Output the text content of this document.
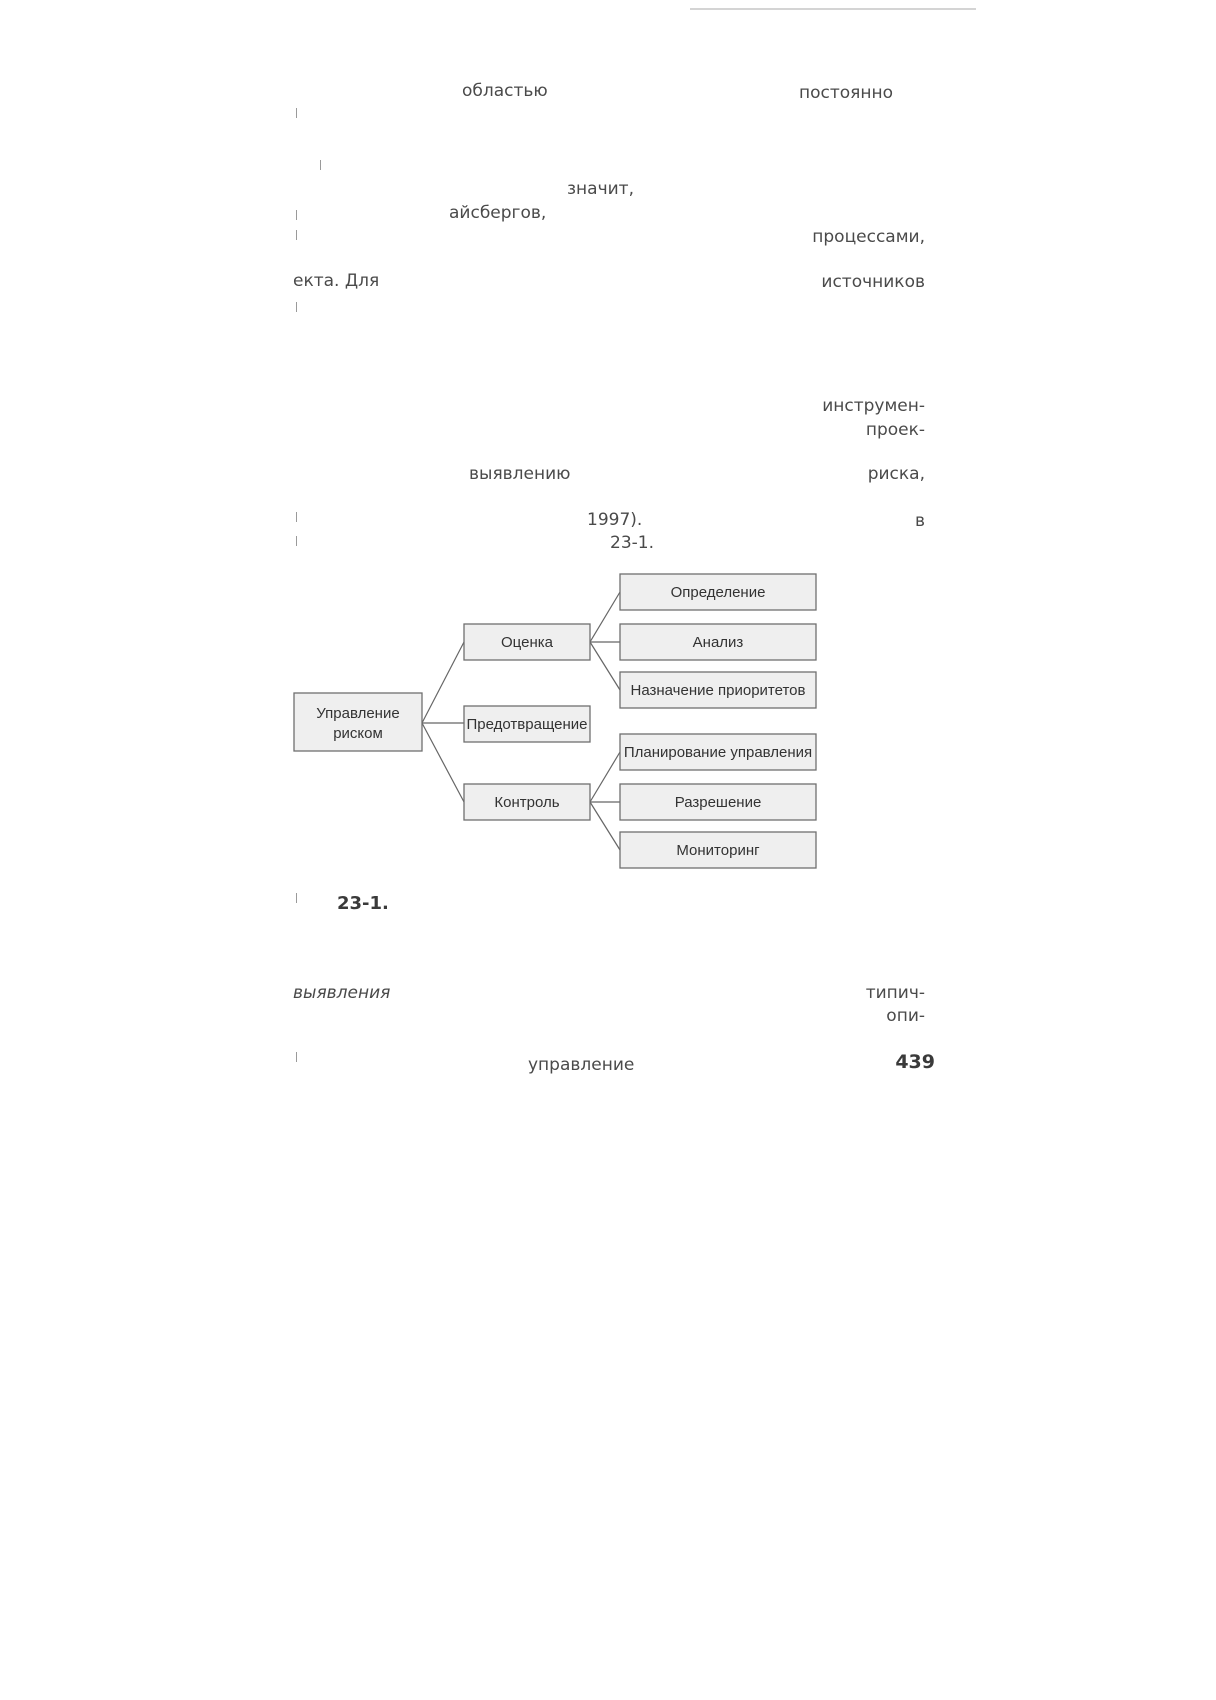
областью	постоянно
значит,
айсбергов,
процессами,
екта. Для	источников
инструмен-
проек-
выявлению	риска,
1997).	в
23-1.
выявления	типич-
опи-
Управление
риском
Оценка
Предотвращение
Контроль
Определение
Анализ
Назначение приоритетов
Планирование управления
Разрешение
Мониторинг
23-1.
управление	439
